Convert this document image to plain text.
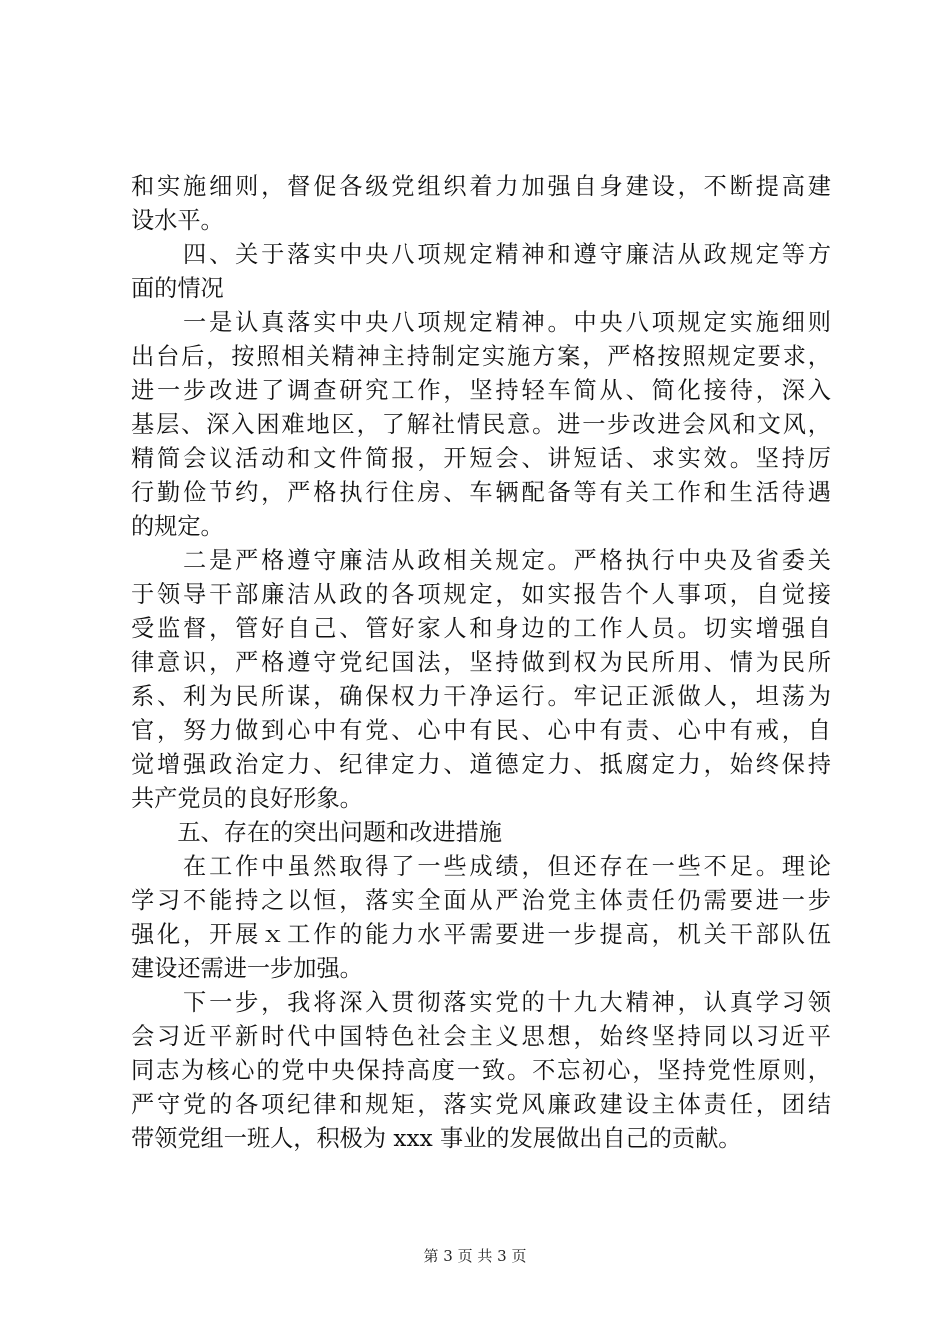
和实施细则，督促各级党组织着力加强自身建设，不断提高建
设水平。
　　四、关于落实中央八项规定精神和遵守廉洁从政规定等方
面的情况
　　一是认真落实中央八项规定精神。中央八项规定实施细则
出台后，按照相关精神主持制定实施方案，严格按照规定要求，
进一步改进了调查研究工作，坚持轻车简从、简化接待，深入
基层、深入困难地区，了解社情民意。进一步改进会风和文风，
精简会议活动和文件简报，开短会、讲短话、求实效。坚持厉
行勤俭节约，严格执行住房、车辆配备等有关工作和生活待遇
的规定。
　　二是严格遵守廉洁从政相关规定。严格执行中央及省委关
于领导干部廉洁从政的各项规定，如实报告个人事项，自觉接
受监督，管好自己、管好家人和身边的工作人员。切实增强自
律意识，严格遵守党纪国法，坚持做到权为民所用、情为民所
系、利为民所谋，确保权力干净运行。牢记正派做人，坦荡为
官，努力做到心中有党、心中有民、心中有责、心中有戒，自
觉增强政治定力、纪律定力、道德定力、抵腐定力，始终保持
共产党员的良好形象。
　　五、存在的突出问题和改进措施
　　在工作中虽然取得了一些成绩，但还存在一些不足。理论
学习不能持之以恒，落实全面从严治党主体责任仍需要进一步
强化，开展ｘ工作的能力水平需要进一步提高，机关干部队伍
建设还需进一步加强。
　　下一步，我将深入贯彻落实党的十九大精神，认真学习领
会习近平新时代中国特色社会主义思想，始终坚持同以习近平
同志为核心的党中央保持高度一致。不忘初心，坚持党性原则，
严守党的各项纪律和规矩，落实党风廉政建设主体责任，团结
带领党组一班人，积极为 xxx 事业的发展做出自己的贡献。
第 3 页 共 3 页
